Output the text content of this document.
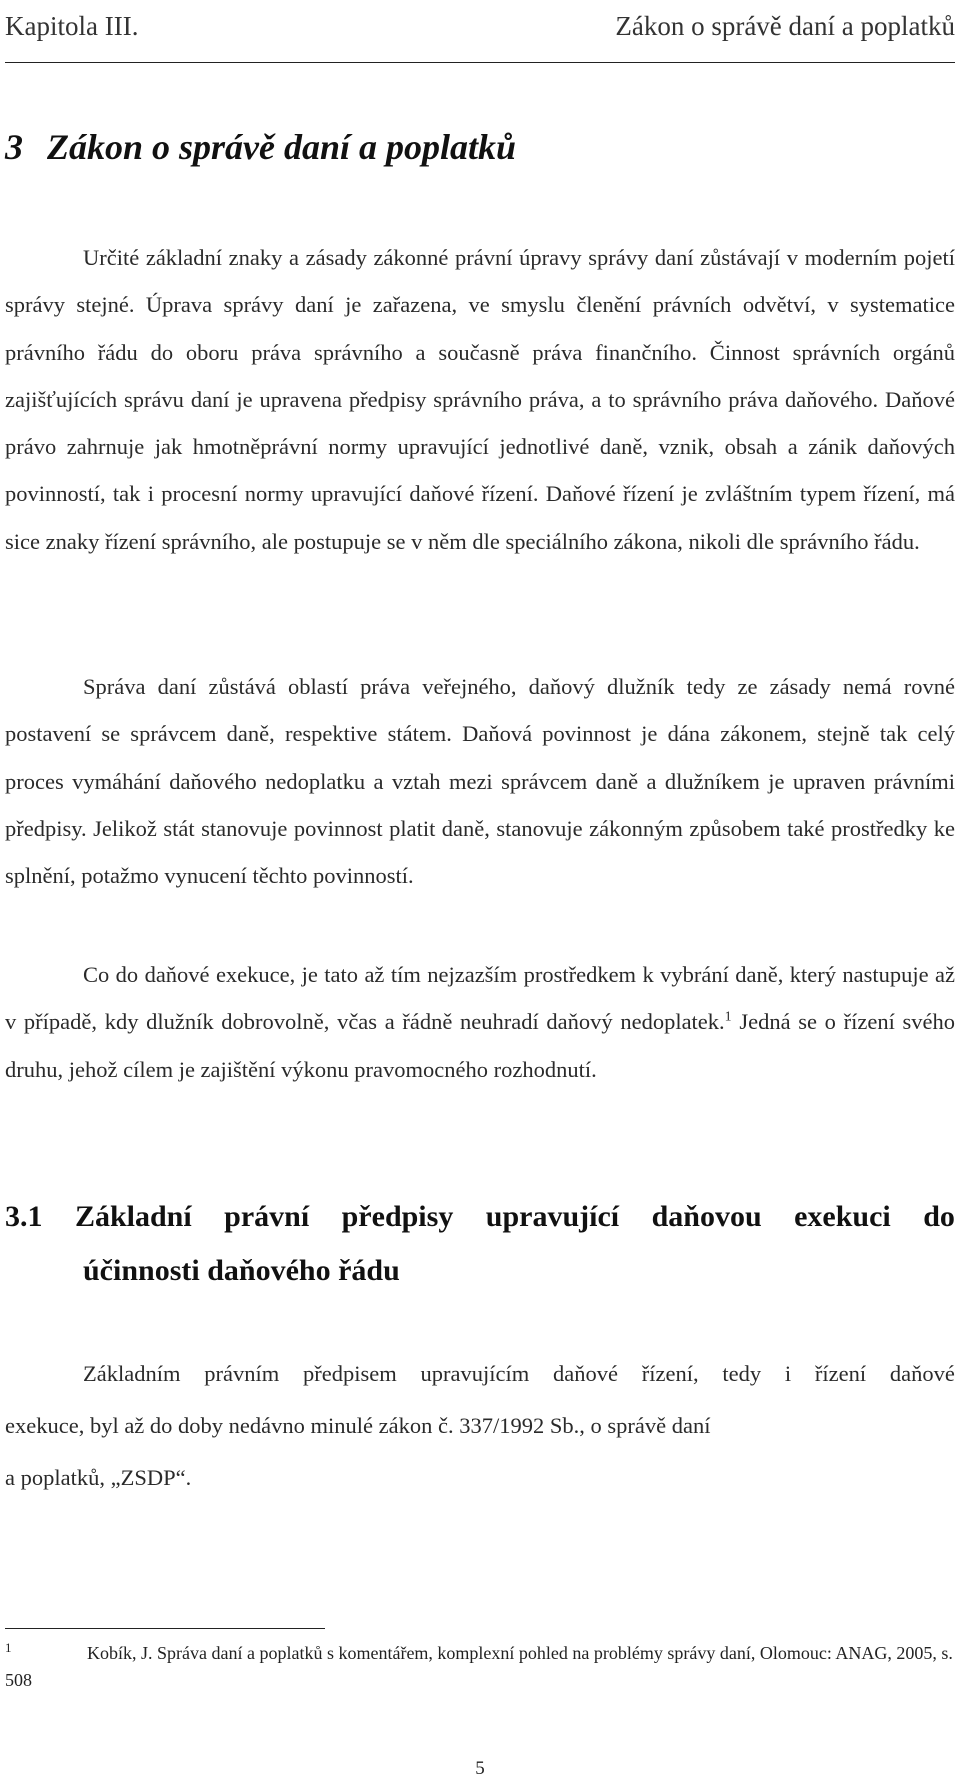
Kapitola III.	Zákon o správě daní a poplatků
3 Zákon o správě daní a poplatků

Určité základní znaky a zásady zákonné právní úpravy správy daní zůstávají v moderním pojetí správy stejné. Úprava správy daní je zařazena, ve smyslu členění právních odvětví, v systematice právního řádu do oboru práva správního a současně práva finančního. Činnost správních orgánů zajišťujících správu daní je upravena předpisy správního práva, a to správního práva daňového. Daňové právo zahrnuje jak hmotněprávní normy upravující jednotlivé daně, vznik, obsah a zánik daňových povinností, tak i procesní normy upravující daňové řízení. Daňové řízení je zvláštním typem řízení, má sice znaky řízení správního, ale postupuje se v něm dle speciálního zákona, nikoli dle správního řádu.

Správa daní zůstává oblastí práva veřejného, daňový dlužník tedy ze zásady nemá rovné postavení se správcem daně, respektive státem. Daňová povinnost je dána zákonem, stejně tak celý proces vymáhání daňového nedoplatku a vztah mezi správcem daně a dlužníkem je upraven právními předpisy. Jelikož stát stanovuje povinnost platit daně, stanovuje zákonným způsobem také prostředky ke splnění, potažmo vynucení těchto povinností.

Co do daňové exekuce, je tato až tím nejzazším prostředkem k vybrání daně, který nastupuje až v případě, kdy dlužník dobrovolně, včas a řádně neuhradí daňový nedoplatek.$^1$ Jedná se o řízení svého druhu, jehož cílem je zajištění výkonu pravomocného rozhodnutí.

3.1 Základní právní předpisy upravující daňovou exekuci do
účinnosti daňového řádu
Základním právním předpisem upravujícím daňové řízení, tedy i řízení daňové
exekuce, byl až do doby nedávno minulé zákon č. 337/1992 Sb., o správě daní
a poplatků, „ZSDP“.

1	Kobík, J. Správa daní a poplatků s komentářem, komplexní pohled na problémy správy daní, Olomouc: ANAG, 2005, s. 508

5
